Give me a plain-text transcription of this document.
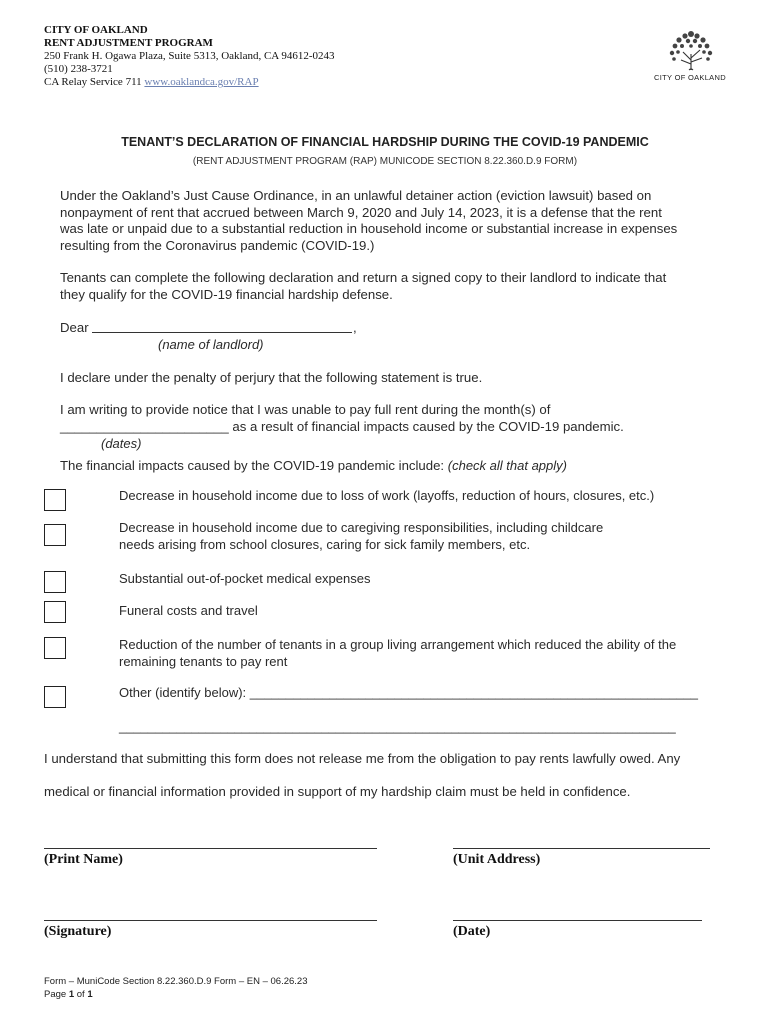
CITY OF OAKLAND
RENT ADJUSTMENT PROGRAM
250 Frank H. Ogawa Plaza, Suite 5313, Oakland, CA 94612-0243
(510) 238-3721
CA Relay Service 711 www.oaklandca.gov/RAP	CITY OF OAKLAND
TENANT’S DECLARATION OF FINANCIAL HARDSHIP DURING THE COVID-19 PANDEMIC
(RENT ADJUSTMENT PROGRAM (RAP) MUNICODE SECTION 8.22.360.D.9 FORM)
Under the Oakland’s Just Cause Ordinance, in an unlawful detainer action (eviction lawsuit) based on
nonpayment of rent that accrued between March 9, 2020 and July 14, 2023, it is a defense that the rent
was late or unpaid due to a substantial reduction in household income or substantial increase in expenses
resulting from the Coronavirus pandemic (COVID-19.)
Tenants can complete the following declaration and return a signed copy to their landlord to indicate that
they qualify for the COVID-19 financial hardship defense.
Dear	,
(name of landlord)
I declare under the penalty of perjury that the following statement is true.
I am writing to provide notice that I was unable to pay full rent during the month(s) of
_______________________ as a result of financial impacts caused by the COVID-19 pandemic.
(dates)
The financial impacts caused by the COVID-19 pandemic include: (check all that apply)
Decrease in household income due to loss of work (layoffs, reduction of hours, closures, etc.)
Decrease in household income due to caregiving responsibilities, including childcare
needs arising from school closures, caring for sick family members, etc.
Substantial out-of-pocket medical expenses
Funeral costs and travel
Reduction of the number of tenants in a group living arrangement which reduced the ability of the
remaining tenants to pay rent
Other (identify below): ______________________________________________________________
_____________________________________________________________________________
I understand that submitting this form does not release me from the obligation to pay rents lawfully owed. Any
medical or financial information provided in support of my hardship claim must be held in confidence.
(Print Name)	(Unit Address)
(Signature)	(Date)
Form – MuniCode Section 8.22.360.D.9 Form – EN – 06.26.23
Page 1 of 1
